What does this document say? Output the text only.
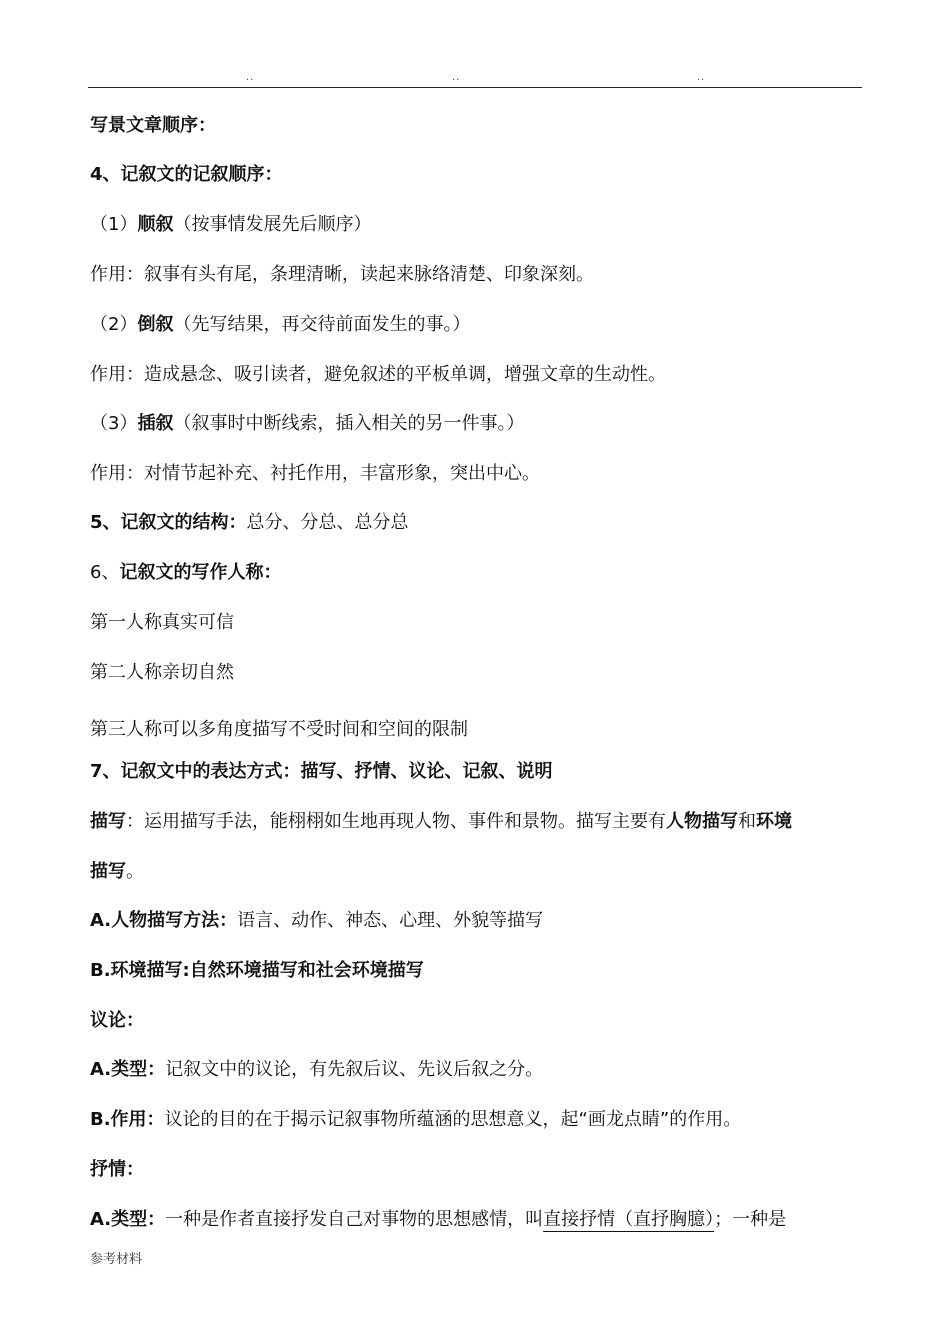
..	..	..
写景文章顺序：
4、记叙文的记叙顺序：
（1）顺叙（按事情发展先后顺序）
作用：叙事有头有尾，条理清晰，读起来脉络清楚、印象深刻。
（2）倒叙（先写结果，再交待前面发生的事。）
作用：造成悬念、吸引读者，避免叙述的平板单调，增强文章的生动性。
（3）插叙（叙事时中断线索，插入相关的另一件事。）
作用：对情节起补充、衬托作用，丰富形象，突出中心。
5、记叙文的结构：总分、分总、总分总
6、记叙文的写作人称：
第一人称真实可信
第二人称亲切自然
第三人称可以多角度描写不受时间和空间的限制
7、记叙文中的表达方式：描写、抒情、议论、记叙、说明
描写：运用描写手法，能栩栩如生地再现人物、事件和景物。描写主要有人物描写和环境
描写。
A.人物描写方法：语言、动作、神态、心理、外貌等描写
B.环境描写:自然环境描写和社会环境描写
议论：
A.类型：记叙文中的议论，有先叙后议、先议后叙之分。
B.作用：议论的目的在于揭示记叙事物所蕴涵的思想意义，起“画龙点睛”的作用。
抒情：
A.类型：一种是作者直接抒发自己对事物的思想感情，叫直接抒情（直抒胸臆）；一种是
参考材料
